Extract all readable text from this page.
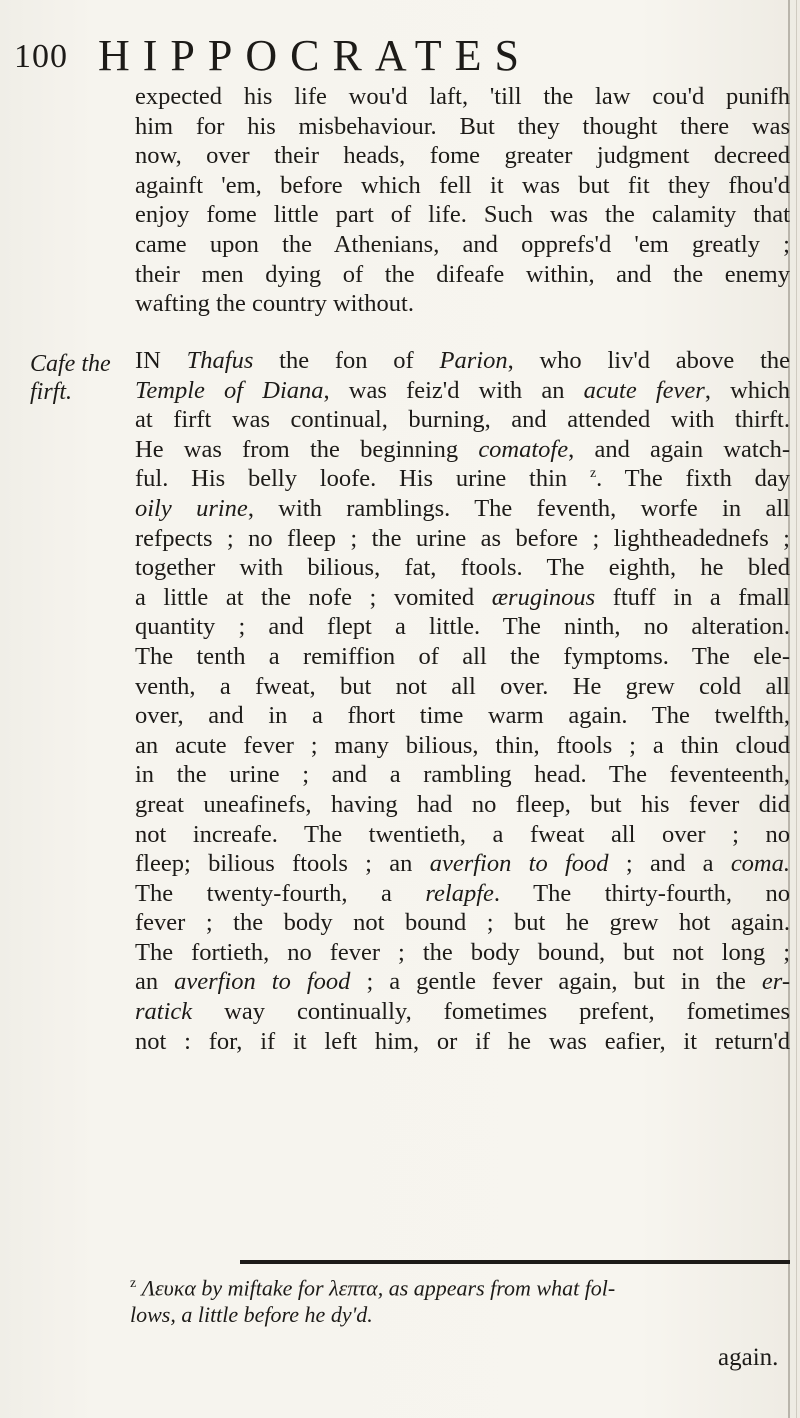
100 HIPPOCRATES
expected his life wou'd laft, 'till the law cou'd punifh
him for his misbehaviour. But they thought there was
now, over their heads, fome greater judgment decreed
againft 'em, before which fell it was but fit they fhou'd
enjoy fome little part of life. Such was the calamity that
came upon the Athenians, and opprefs'd 'em greatly ;
their men dying of the difeafe within, and the enemy
wafting the country without.
Cafe the
firft.
IN Thafus the fon of Parion, who liv'd above the
Temple of Diana, was feiz'd with an acute fever, which
at firft was continual, burning, and attended with thirft.
He was from the beginning comatofe, and again watch-
ful. His belly loofe. His urine thin $^z$. The fixth day
oily urine, with ramblings. The feventh, worfe in all
refpects ; no fleep ; the urine as before ; lightheadednefs ;
together with bilious, fat, ftools. The eighth, he bled
a little at the nofe ; vomited æruginous ftuff in a fmall
quantity ; and flept a little. The ninth, no alteration.
The tenth a remiffion of all the fymptoms. The ele-
venth, a fweat, but not all over. He grew cold all
over, and in a fhort time warm again. The twelfth,
an acute fever ; many bilious, thin, ftools ; a thin cloud
in the urine ; and a rambling head. The feventeenth,
great uneafinefs, having had no fleep, but his fever did
not increafe. The twentieth, a fweat all over ; no
fleep; bilious ftools ; an averfion to food ; and a coma.
The twenty-fourth, a relapfe. The thirty-fourth, no
fever ; the body not bound ; but he grew hot again.
The fortieth, no fever ; the body bound, but not long ;
an averfion to food ; a gentle fever again, but in the er-
ratick way continually, fometimes prefent, fometimes
not : for, if it left him, or if he was eafier, it return'd
$^z$ Λευκα by miftake for λεπτα, as appears from what fol-
lows, a little before he dy'd.
again.
